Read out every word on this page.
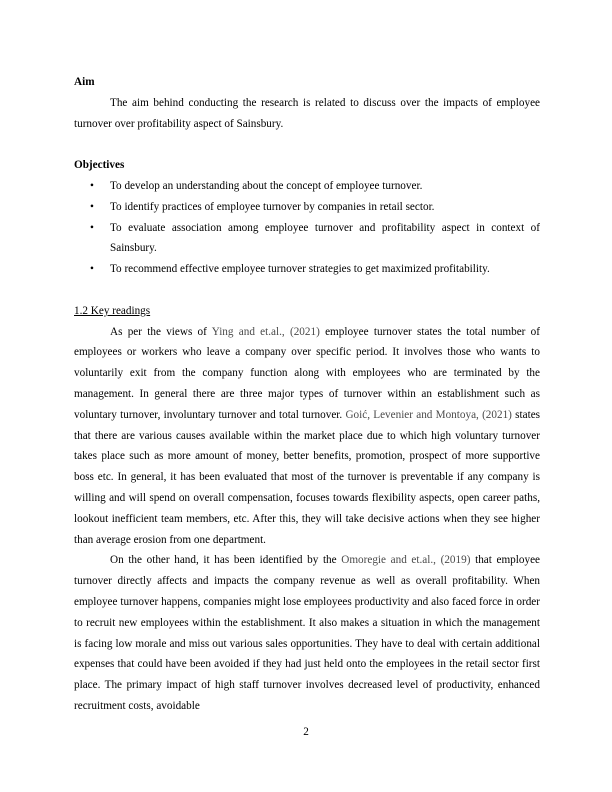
Aim

The aim behind conducting the research is related to discuss over the impacts of employee turnover over profitability aspect of Sainsbury.

Objectives
• To develop an understanding about the concept of employee turnover.
• To identify practices of employee turnover by companies in retail sector.
• To evaluate association among employee turnover and profitability aspect in context of Sainsbury.
• To recommend effective employee turnover strategies to get maximized profitability.
1.2 Key readings

As per the views of Ying and et.al., (2021) employee turnover states the total number of employees or workers who leave a company over specific period. It involves those who wants to voluntarily exit from the company function along with employees who are terminated by the management. In general there are three major types of turnover within an establishment such as voluntary turnover, involuntary turnover and total turnover. Goić, Levenier and Montoya, (2021) states that there are various causes available within the market place due to which high voluntary turnover takes place such as more amount of money, better benefits, promotion, prospect of more supportive boss etc. In general, it has been evaluated that most of the turnover is preventable if any company is willing and will spend on overall compensation, focuses towards flexibility aspects, open career paths, lookout inefficient team members, etc. After this, they will take decisive actions when they see higher than average erosion from one department.

On the other hand, it has been identified by the Omoregie and et.al., (2019) that employee turnover directly affects and impacts the company revenue as well as overall profitability. When employee turnover happens, companies might lose employees productivity and also faced force in order to recruit new employees within the establishment. It also makes a situation in which the management is facing low morale and miss out various sales opportunities. They have to deal with certain additional expenses that could have been avoided if they had just held onto the employees in the retail sector first place. The primary impact of high staff turnover involves decreased level of productivity, enhanced recruitment costs, avoidable

2
